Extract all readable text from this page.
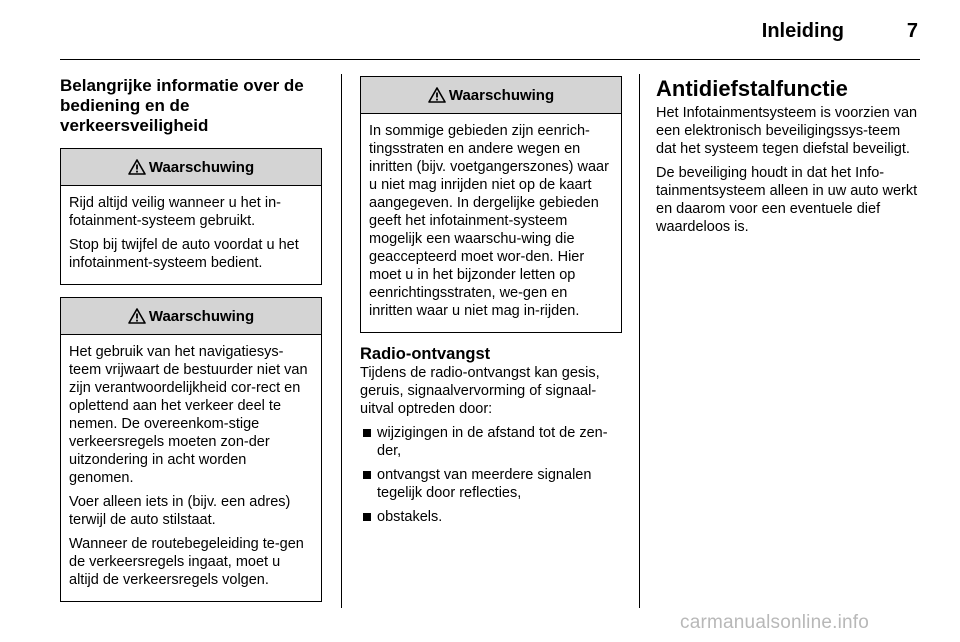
Inleiding	7
Belangrijke informatie over de bediening en de verkeersveiligheid
Waarschuwing

Rijd altijd veilig wanneer u het in-fotainment-systeem gebruikt.

Stop bij twijfel de auto voordat u het infotainment-systeem bedient.

Waarschuwing

Het gebruik van het navigatiesys-teem vrijwaart de bestuurder niet van zijn verantwoordelijkheid cor-rect en oplettend aan het verkeer deel te nemen. De overeenkom-stige verkeersregels moeten zon-der uitzondering in acht worden genomen.

Voer alleen iets in (bijv. een adres) terwijl de auto stilstaat.

Wanneer de routebegeleiding te-gen de verkeersregels ingaat, moet u altijd de verkeersregels volgen.

Waarschuwing

In sommige gebieden zijn eenrich-tingsstraten en andere wegen en inritten (bijv. voetgangerszones) waar u niet mag inrijden niet op de kaart aangegeven. In dergelijke gebieden geeft het infotainment-systeem mogelijk een waarschu-wing die geaccepteerd moet wor-den. Hier moet u in het bijzonder letten op eenrichtingsstraten, we-gen en inritten waar u niet mag in-rijden.

Radio-ontvangst

Tijdens de radio-ontvangst kan gesis, geruis, signaalvervorming of signaal-uitval optreden door:

wijzigingen in de afstand tot de zen-der,
ontvangst van meerdere signalen tegelijk door reflecties,
obstakels.
Antidiefstalfunctie

Het Infotainmentsysteem is voorzien van een elektronisch beveiligingssys-teem dat het systeem tegen diefstal beveiligt.

De beveiliging houdt in dat het Info-tainmentsysteem alleen in uw auto werkt en daarom voor een eventuele dief waardeloos is.

carmanualsonline.info
